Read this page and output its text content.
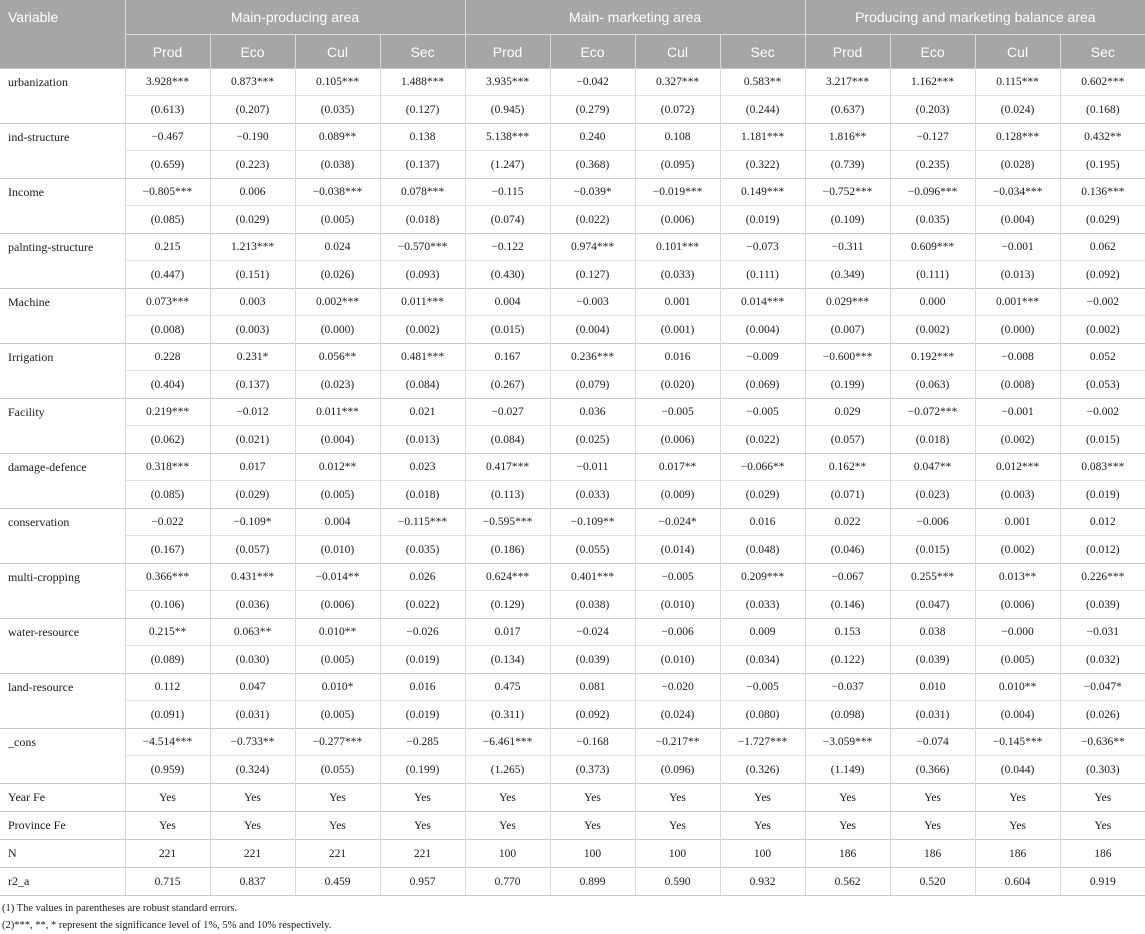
Variable	Main-producing area				Main- marketing area				Producing and marketing balance area			
	Prod	Eco	Cul	Sec	Prod	Eco	Cul	Sec	Prod	Eco	Cul	Sec
urbanization	3.928***	0.873***	0.105***	1.488***	3.935***	−0.042	0.327***	0.583**	3.217***	1.162***	0.115***	0.602***
	(0.613)	(0.207)	(0.035)	(0.127)	(0.945)	(0.279)	(0.072)	(0.244)	(0.637)	(0.203)	(0.024)	(0.168)
ind-structure	−0.467	−0.190	0.089**	0.138	5.138***	0.240	0.108	1.181***	1.816**	−0.127	0.128***	0.432**
	(0.659)	(0.223)	(0.038)	(0.137)	(1.247)	(0.368)	(0.095)	(0.322)	(0.739)	(0.235)	(0.028)	(0.195)
Income	−0.805***	0.006	−0.038***	0.078***	−0.115	−0.039*	−0.019***	0.149***	−0.752***	−0.096***	−0.034***	0.136***
	(0.085)	(0.029)	(0.005)	(0.018)	(0.074)	(0.022)	(0.006)	(0.019)	(0.109)	(0.035)	(0.004)	(0.029)
palnting-structure	0.215	1.213***	0.024	−0.570***	−0.122	0.974***	0.101***	−0.073	−0.311	0.609***	−0.001	0.062
	(0.447)	(0.151)	(0.026)	(0.093)	(0.430)	(0.127)	(0.033)	(0.111)	(0.349)	(0.111)	(0.013)	(0.092)
Machine	0.073***	0.003	0.002***	0.011***	0.004	−0.003	0.001	0.014***	0.029***	0.000	0.001***	−0.002
	(0.008)	(0.003)	(0.000)	(0.002)	(0.015)	(0.004)	(0.001)	(0.004)	(0.007)	(0.002)	(0.000)	(0.002)
Irrigation	0.228	0.231*	0.056**	0.481***	0.167	0.236***	0.016	−0.009	−0.600***	0.192***	−0.008	0.052
	(0.404)	(0.137)	(0.023)	(0.084)	(0.267)	(0.079)	(0.020)	(0.069)	(0.199)	(0.063)	(0.008)	(0.053)
Facility	0.219***	−0.012	0.011***	0.021	−0.027	0.036	−0.005	−0.005	0.029	−0.072***	−0.001	−0.002
	(0.062)	(0.021)	(0.004)	(0.013)	(0.084)	(0.025)	(0.006)	(0.022)	(0.057)	(0.018)	(0.002)	(0.015)
damage-defence	0.318***	0.017	0.012**	0.023	0.417***	−0.011	0.017**	−0.066**	0.162**	0.047**	0.012***	0.083***
	(0.085)	(0.029)	(0.005)	(0.018)	(0.113)	(0.033)	(0.009)	(0.029)	(0.071)	(0.023)	(0.003)	(0.019)
conservation	−0.022	−0.109*	0.004	−0.115***	−0.595***	−0.109**	−0.024*	0.016	0.022	−0.006	0.001	0.012
	(0.167)	(0.057)	(0.010)	(0.035)	(0.186)	(0.055)	(0.014)	(0.048)	(0.046)	(0.015)	(0.002)	(0.012)
multi-cropping	0.366***	0.431***	−0.014**	0.026	0.624***	0.401***	−0.005	0.209***	−0.067	0.255***	0.013**	0.226***
	(0.106)	(0.036)	(0.006)	(0.022)	(0.129)	(0.038)	(0.010)	(0.033)	(0.146)	(0.047)	(0.006)	(0.039)
water-resource	0.215**	0.063**	0.010**	−0.026	0.017	−0.024	−0.006	0.009	0.153	0.038	−0.000	−0.031
	(0.089)	(0.030)	(0.005)	(0.019)	(0.134)	(0.039)	(0.010)	(0.034)	(0.122)	(0.039)	(0.005)	(0.032)
land-resource	0.112	0.047	0.010*	0.016	0.475	0.081	−0.020	−0.005	−0.037	0.010	0.010**	−0.047*
	(0.091)	(0.031)	(0.005)	(0.019)	(0.311)	(0.092)	(0.024)	(0.080)	(0.098)	(0.031)	(0.004)	(0.026)
_cons	−4.514***	−0.733**	−0.277***	−0.285	−6.461***	−0.168	−0.217**	−1.727***	−3.059***	−0.074	−0.145***	−0.636**
	(0.959)	(0.324)	(0.055)	(0.199)	(1.265)	(0.373)	(0.096)	(0.326)	(1.149)	(0.366)	(0.044)	(0.303)
Year Fe	Yes	Yes	Yes	Yes	Yes	Yes	Yes	Yes	Yes	Yes	Yes	Yes
Province Fe	Yes	Yes	Yes	Yes	Yes	Yes	Yes	Yes	Yes	Yes	Yes	Yes
N	221	221	221	221	100	100	100	100	186	186	186	186
r2_a	0.715	0.837	0.459	0.957	0.770	0.899	0.590	0.932	0.562	0.520	0.604	0.919
(1) The values in parentheses are robust standard errors.
(2)***, **, * represent the significance level of 1%, 5% and 10% respectively.
